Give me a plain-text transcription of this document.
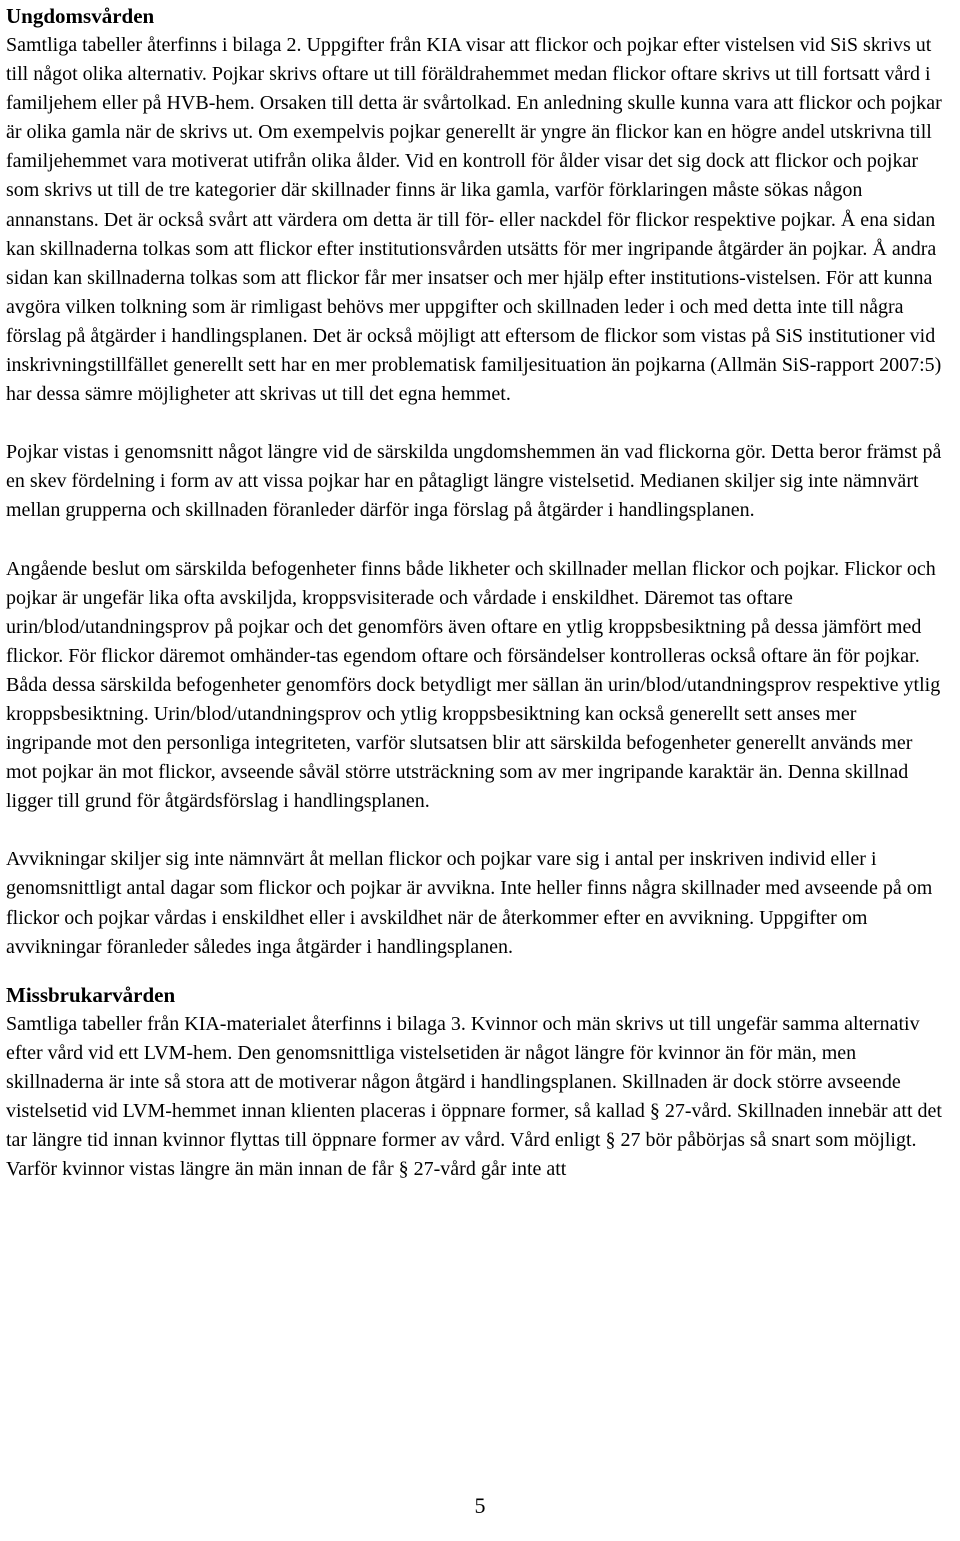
Ungdomsvården

Samtliga tabeller återfinns i bilaga 2. Uppgifter från KIA visar att flickor och pojkar efter vistelsen vid SiS skrivs ut till något olika alternativ. Pojkar skrivs oftare ut till föräldrahemmet medan flickor oftare skrivs ut till fortsatt vård i familjehem eller på HVB-hem. Orsaken till detta är svårtolkad. En anledning skulle kunna vara att flickor och pojkar är olika gamla när de skrivs ut. Om exempelvis pojkar generellt är yngre än flickor kan en högre andel utskrivna till familjehemmet vara motiverat utifrån olika ålder. Vid en kontroll för ålder visar det sig dock att flickor och pojkar som skrivs ut till de tre kategorier där skillnader finns är lika gamla, varför förklaringen måste sökas någon annanstans. Det är också svårt att värdera om detta är till för- eller nackdel för flickor respektive pojkar. Å ena sidan kan skillnaderna tolkas som att flickor efter institutionsvården utsätts för mer ingripande åtgärder än pojkar. Å andra sidan kan skillnaderna tolkas som att flickor får mer insatser och mer hjälp efter institutions-vistelsen. För att kunna avgöra vilken tolkning som är rimligast behövs mer uppgifter och skillnaden leder i och med detta inte till några förslag på åtgärder i handlingsplanen. Det är också möjligt att eftersom de flickor som vistas på SiS institutioner vid inskrivningstillfället generellt sett har en mer problematisk familjesituation än pojkarna (Allmän SiS-rapport 2007:5) har dessa sämre möjligheter att skrivas ut till det egna hemmet.

Pojkar vistas i genomsnitt något längre vid de särskilda ungdomshemmen än vad flickorna gör. Detta beror främst på en skev fördelning i form av att vissa pojkar har en påtagligt längre vistelsetid. Medianen skiljer sig inte nämnvärt mellan grupperna och skillnaden föranleder därför inga förslag på åtgärder i handlingsplanen.

Angående beslut om särskilda befogenheter finns både likheter och skillnader mellan flickor och pojkar. Flickor och pojkar är ungefär lika ofta avskiljda, kroppsvisiterade och vårdade i enskildhet. Däremot tas oftare urin/blod/utandningsprov på pojkar och det genomförs även oftare en ytlig kroppsbesiktning på dessa jämfört med flickor. För flickor däremot omhänder-tas egendom oftare och försändelser kontrolleras också oftare än för pojkar. Båda dessa särskilda befogenheter genomförs dock betydligt mer sällan än urin/blod/utandningsprov respektive ytlig kroppsbesiktning. Urin/blod/utandningsprov och ytlig kroppsbesiktning kan också generellt sett anses mer ingripande mot den personliga integriteten, varför slutsatsen blir att särskilda befogenheter generellt används mer mot pojkar än mot flickor, avseende såväl större utsträckning som av mer ingripande karaktär än. Denna skillnad ligger till grund för åtgärdsförslag i handlingsplanen.

Avvikningar skiljer sig inte nämnvärt åt mellan flickor och pojkar vare sig i antal per inskriven individ eller i genomsnittligt antal dagar som flickor och pojkar är avvikna. Inte heller finns några skillnader med avseende på om flickor och pojkar vårdas i enskildhet eller i avskildhet när de återkommer efter en avvikning. Uppgifter om avvikningar föranleder således inga åtgärder i handlingsplanen.

Missbrukarvården

Samtliga tabeller från KIA-materialet återfinns i bilaga 3. Kvinnor och män skrivs ut till ungefär samma alternativ efter vård vid ett LVM-hem. Den genomsnittliga vistelsetiden är något längre för kvinnor än för män, men skillnaderna är inte så stora att de motiverar någon åtgärd i handlingsplanen. Skillnaden är dock större avseende vistelsetid vid LVM-hemmet innan klienten placeras i öppnare former, så kallad § 27-vård. Skillnaden innebär att det tar längre tid innan kvinnor flyttas till öppnare former av vård. Vård enligt § 27 bör påbörjas så snart som möjligt. Varför kvinnor vistas längre än män innan de får § 27-vård går inte att

5
